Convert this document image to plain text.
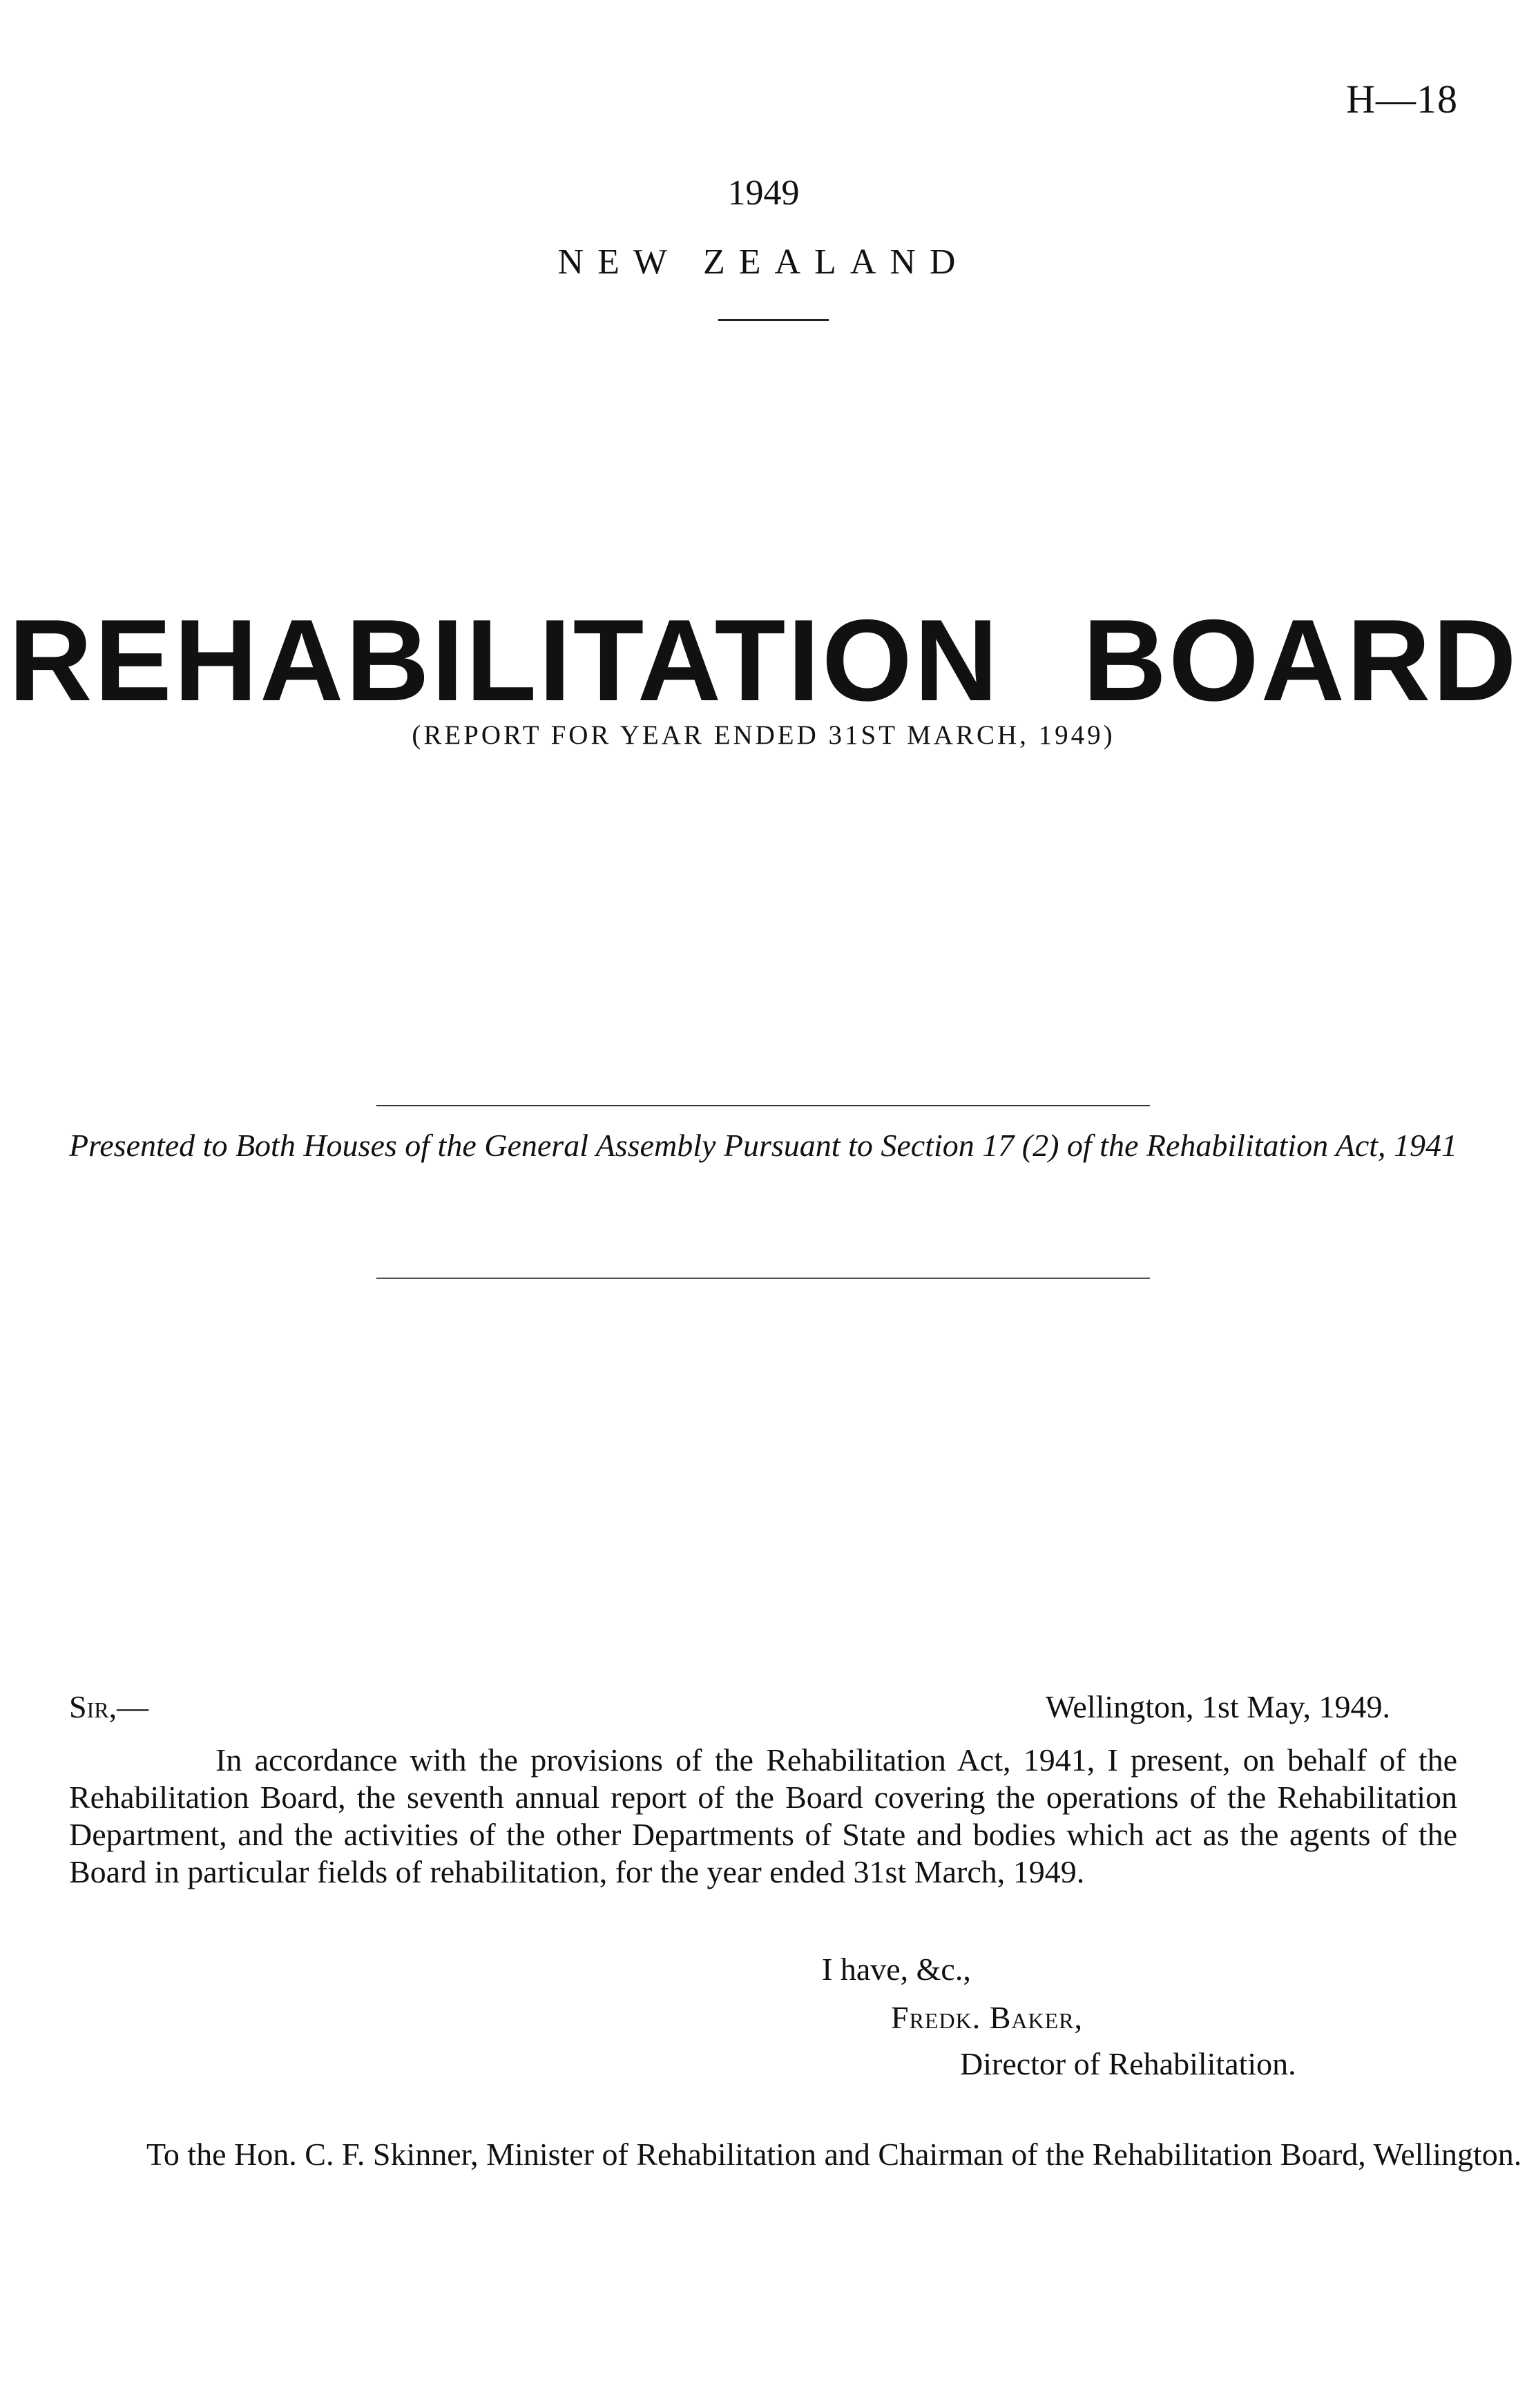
H—18
1949
NEW ZEALAND
REHABILITATION BOARD
(REPORT FOR YEAR ENDED 31ST MARCH, 1949)
Presented to Both Houses of the General Assembly Pursuant to Section 17 (2) of the Rehabilitation Act, 1941
Sir,—	Wellington, 1st May, 1949.

In accordance with the provisions of the Rehabilitation Act, 1941, I present, on behalf of the Rehabilitation Board, the seventh annual report of the Board covering the operations of the Rehabilitation Department, and the activities of the other Departments of State and bodies which act as the agents of the Board in particular fields of rehabilitation, for the year ended 31st March, 1949.

I have, &c.,
Fredk. Baker,
Director of Rehabilitation.
To the Hon. C. F. Skinner, Minister of Rehabilitation and Chairman of the Rehabilitation Board, Wellington.
